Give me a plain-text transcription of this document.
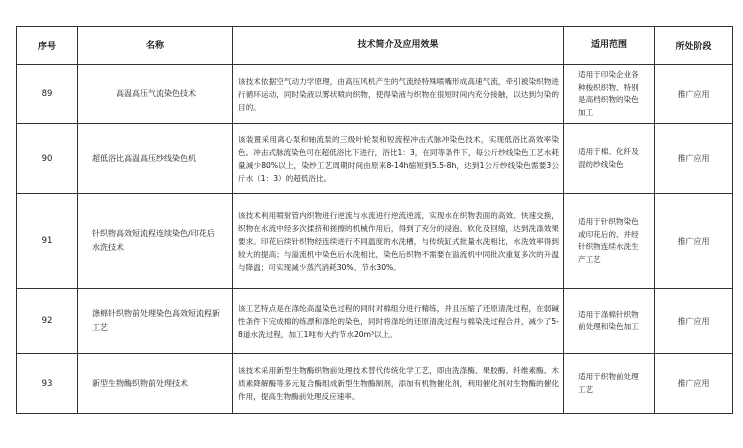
序号	名称	技术简介及应用效果	适用范围	所处阶段
89	高温高压气流染色技术	该技术依据空气动力学原理，由高压风机产生的气流经特殊喷嘴形成高速气流，牵引被染织物进行循环运动，同时染液以雾状喷向织物，使得染液与织物在很短时间内充分接触，以达到匀染的目的。	适用于印染企业各种梭织织物、特别是高档织物的染色加工	推广应用
90	超低浴比高温高压纱线染色机	该装置采用离心泵和轴流泵的三级叶轮泵和短流程冲击式脉冲染色技术，实现低浴比高效率染色。冲击式脉流染色可在超低浴比下进行，浴比1：3，在同等条件下，每公斤纱线染色工艺水耗量减少80%以上，染纱工艺周期时间由原来8-14h缩短到5.5-8h，达到1公斤纱线染色需要3公斤水（1：3）的超低浴比。	适用于棉、化纤及混纺纱线染色	推广应用
91	针织物高效短流程连续染色/印花后水洗技术	该技术利用喷射管内织物进行逆流与水流进行逆流逆流，实现水在织物表面的高效、快速交换，织物在水流中经多次揉挤和搓擦的机械作用后，得到了充分的浸泡、软化及回缩，达到洗涤效果要求。印花后续针织物经连续进行不同温度的水洗槽，与传统缸式批量水洗相比，水洗效率得到较大的提高；与溢流机中染色后水洗相比，染色后织物不需要在溢流机中同批次重复多次的升温与降温；可实现减少蒸汽消耗30%、节水30%。	适用于针织物染色或印花后的、并经针织物连续水洗生产工艺	推广应用
92	涤棉针织物前处理染色高效短流程新工艺	该工艺特点是在涤纶高温染色过程的同时对棉组分进行精练，并且压缩了还原清洗过程，在弱碱性条件下完成棉的练漂和涤纶的染色，同时将涤纶的还原清洗过程与棉染洗过程合并，减少了5-8道水洗过程，加工1吨布大约节水20m³以上。	适用于涤棉针织物前处理和染色加工	推广应用
93	新型生物酶织物前处理技术	该技术采用新型生物酶织物前处理技术替代传统化学工艺，即由洗涤酶、果胶酶、纤维素酶、木质素降解酶等多元复合酶组成新型生物酶制剂，添加有机物催化剂，利用催化剂对生物酶的催化作用，提高生物酶前处理反应速率。	适用于织物前处理工艺	推广应用
